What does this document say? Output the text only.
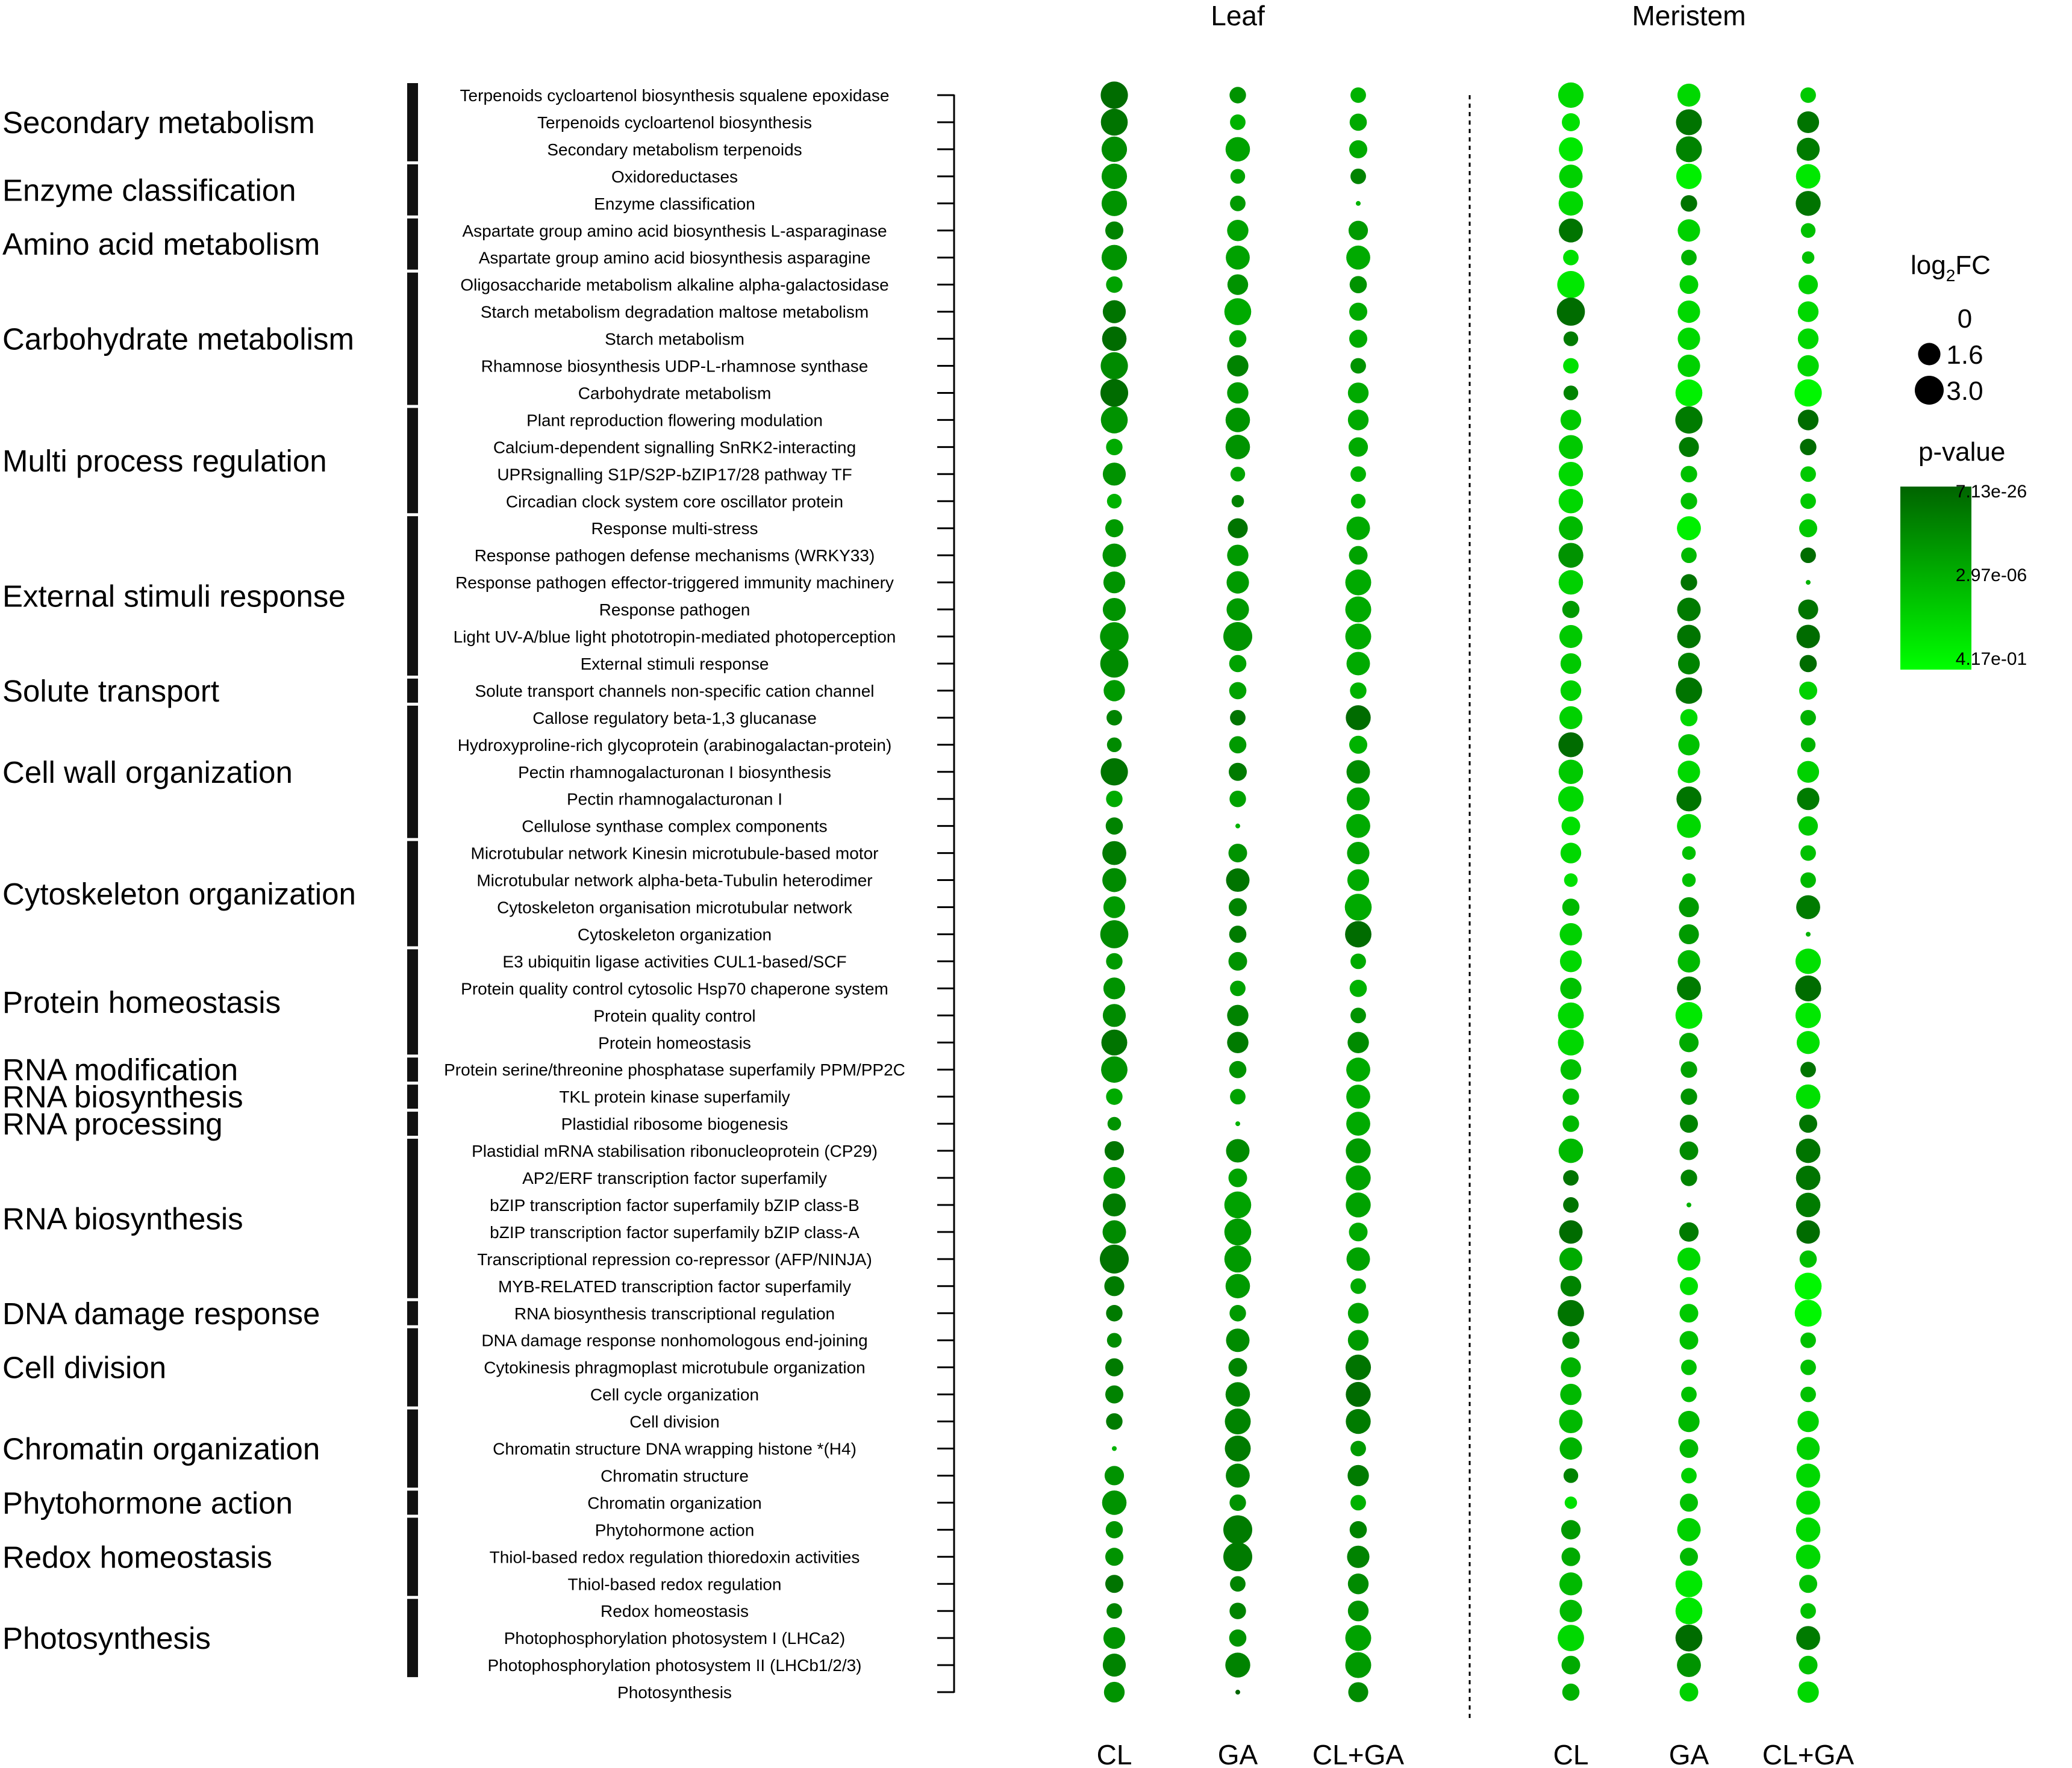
Leaf	Meristem
Secondary metabolism
Enzyme classification
Amino acid metabolism
Carbohydrate metabolism
Multi process regulation
External stimuli response
Solute transport
Cell wall organization
Cytoskeleton organization
Protein homeostasis
RNA modification
RNA biosynthesis
RNA processing
RNA biosynthesis
DNA damage response
Cell division
Chromatin organization
Phytohormone action
Redox homeostasis
Photosynthesis
Terpenoids cycloartenol biosynthesis squalene epoxidase
Terpenoids cycloartenol biosynthesis
Secondary metabolism terpenoids
Oxidoreductases
Enzyme classification
Aspartate group amino acid biosynthesis L-asparaginase
Aspartate group amino acid biosynthesis asparagine
Oligosaccharide metabolism alkaline alpha-galactosidase
Starch metabolism degradation maltose metabolism
Starch metabolism
Rhamnose biosynthesis UDP-L-rhamnose synthase
Carbohydrate metabolism
Plant reproduction flowering modulation
Calcium-dependent signalling SnRK2-interacting
UPRsignalling S1P/S2P-bZIP17/28 pathway TF
Circadian clock system core oscillator protein
Response multi-stress
Response pathogen defense mechanisms (WRKY33)
Response pathogen effector-triggered immunity machinery
Response pathogen
Light UV-A/blue light phototropin-mediated photoperception
External stimuli response
Solute transport channels non-specific cation channel
Callose regulatory beta-1,3 glucanase
Hydroxyproline-rich glycoprotein (arabinogalactan-protein)
Pectin rhamnogalacturonan I biosynthesis
Pectin rhamnogalacturonan I
Cellulose synthase complex components
Microtubular network Kinesin microtubule-based motor
Microtubular network alpha-beta-Tubulin heterodimer
Cytoskeleton organisation microtubular network
Cytoskeleton organization
E3 ubiquitin ligase activities CUL1-based/SCF
Protein quality control cytosolic Hsp70 chaperone system
Protein quality control
Protein homeostasis
Protein serine/threonine phosphatase superfamily PPM/PP2C
TKL protein kinase superfamily
Plastidial ribosome biogenesis
Plastidial mRNA stabilisation ribonucleoprotein (CP29)
AP2/ERF transcription factor superfamily
bZIP transcription factor superfamily bZIP class-B
bZIP transcription factor superfamily bZIP class-A
Transcriptional repression co-repressor (AFP/NINJA)
MYB-RELATED transcription factor superfamily
RNA biosynthesis transcriptional regulation
DNA damage response nonhomologous end-joining
Cytokinesis phragmoplast microtubule organization
Cell cycle organization
Cell division
Chromatin structure DNA wrapping histone *(H4)
Chromatin structure
Chromatin organization
Phytohormone action
Thiol-based redox regulation thioredoxin activities
Thiol-based redox regulation
Redox homeostasis
Photophosphorylation photosystem I (LHCa2)
Photophosphorylation photosystem II (LHCb1/2/3)
Photosynthesis
CL	GA CL+GA	CL	GA CL+GA
$\log_2FC$
p-value
0
1.6
3.0
7.13e-26
2.97e-06
4.17e-01
